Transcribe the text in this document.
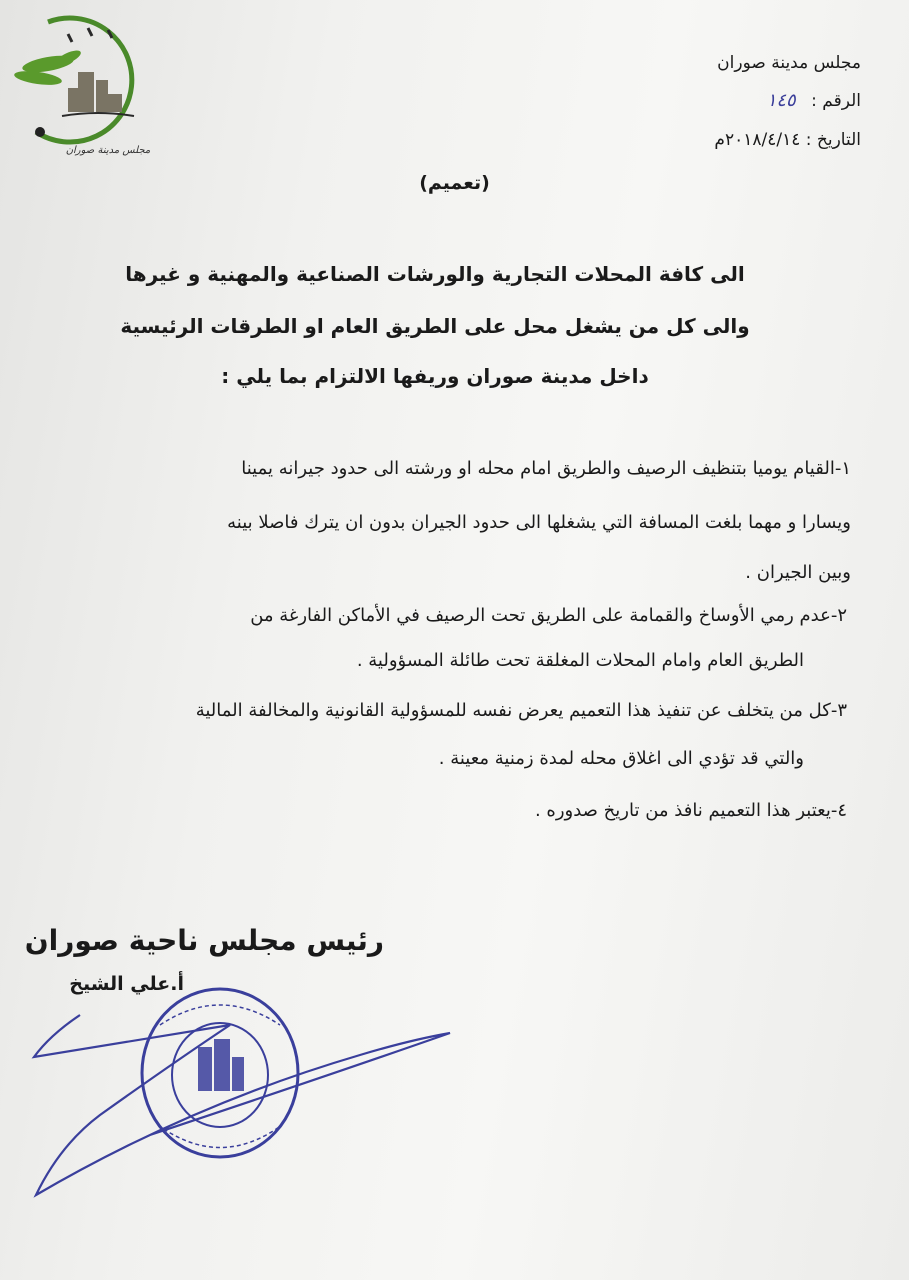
مجلس مدينة صوران
مجلس مدينة صوران
الرقم : ١٤٥
التاريخ : ٢٠١٨/٤/١٤م
(تعميم)
الى كافة المحلات التجارية والورشات الصناعية والمهنية و غيرها
والى كل من يشغل محل على الطريق العام او الطرقات الرئيسية
داخل مدينة صوران وريفها الالتزام بما يلي :
١-القيام يوميا بتنظيف الرصيف والطريق امام محله او ورشته الى حدود جيرانه يمينا
ويسارا و مهما بلغت المسافة التي يشغلها الى حدود الجيران بدون ان يترك فاصلا بينه
وبين الجيران .
٢-عدم رمي الأوساخ والقمامة على الطريق تحت الرصيف في الأماكن الفارغة من
الطريق العام وامام المحلات المغلقة تحت طائلة المسؤولية .
٣-كل من يتخلف عن تنفيذ هذا التعميم يعرض نفسه للمسؤولية القانونية والمخالفة المالية
والتي قد تؤدي الى اغلاق محله لمدة زمنية معينة .
٤-يعتبر هذا التعميم نافذ من تاريخ صدوره .
رئيس مجلس ناحية صوران
أ.علي الشيخ
